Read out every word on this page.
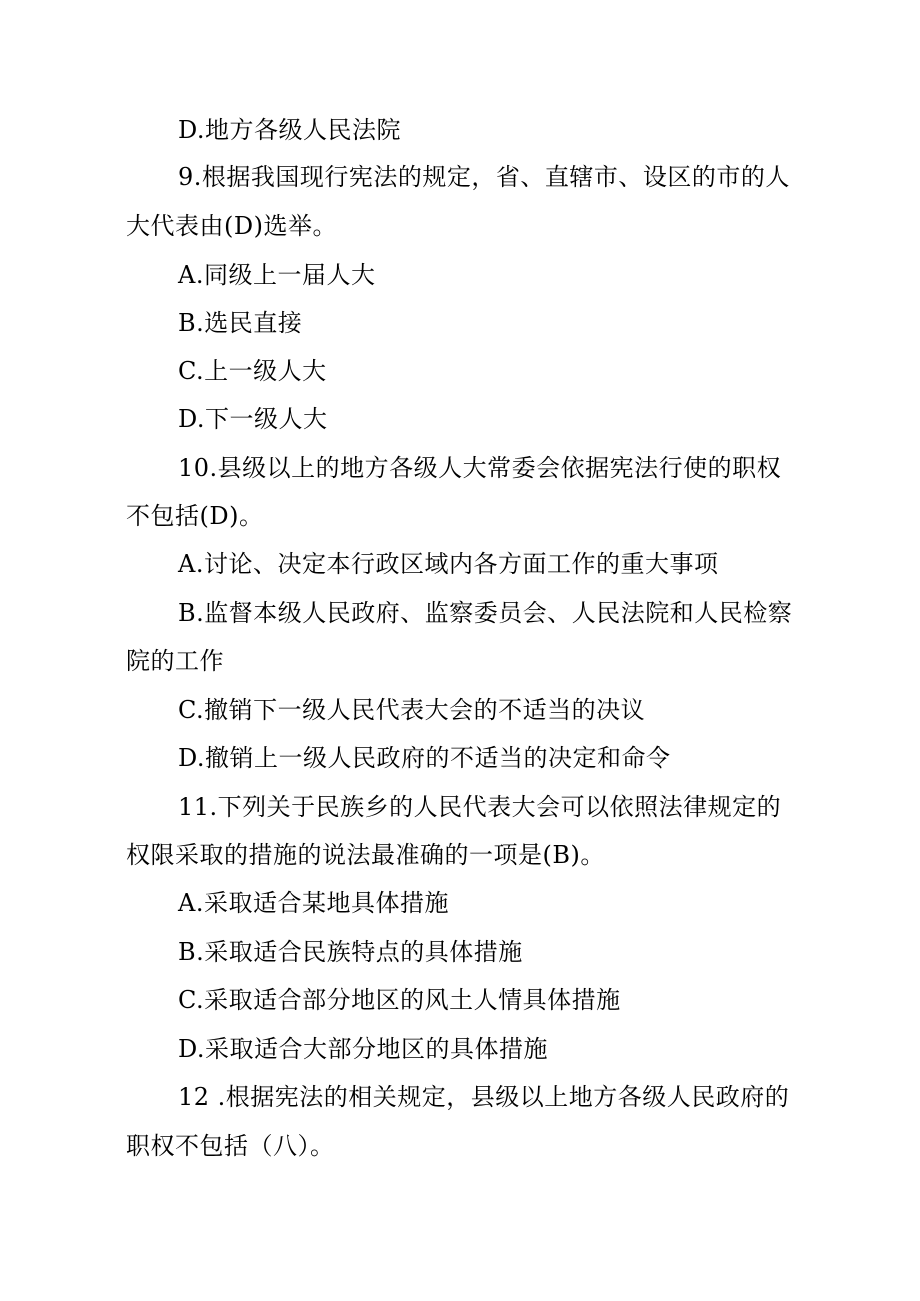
D.地方各级人民法院
9.根据我国现行宪法的规定，省、直辖市、设区的市的人
大代表由(D)选举。
A.同级上一届人大
B.选民直接
C.上一级人大
D.下一级人大
10.县级以上的地方各级人大常委会依据宪法行使的职权
不包括(D)。
A.讨论、决定本行政区域内各方面工作的重大事项
B.监督本级人民政府、监察委员会、人民法院和人民检察
院的工作
C.撤销下一级人民代表大会的不适当的决议
D.撤销上一级人民政府的不适当的决定和命令
11.下列关于民族乡的人民代表大会可以依照法律规定的
权限采取的措施的说法最准确的一项是(B)。
A.采取适合某地具体措施
B.采取适合民族特点的具体措施
C.采取适合部分地区的风土人情具体措施
D.采取适合大部分地区的具体措施
12 .根据宪法的相关规定，县级以上地方各级人民政府的
职权不包括（八）。
